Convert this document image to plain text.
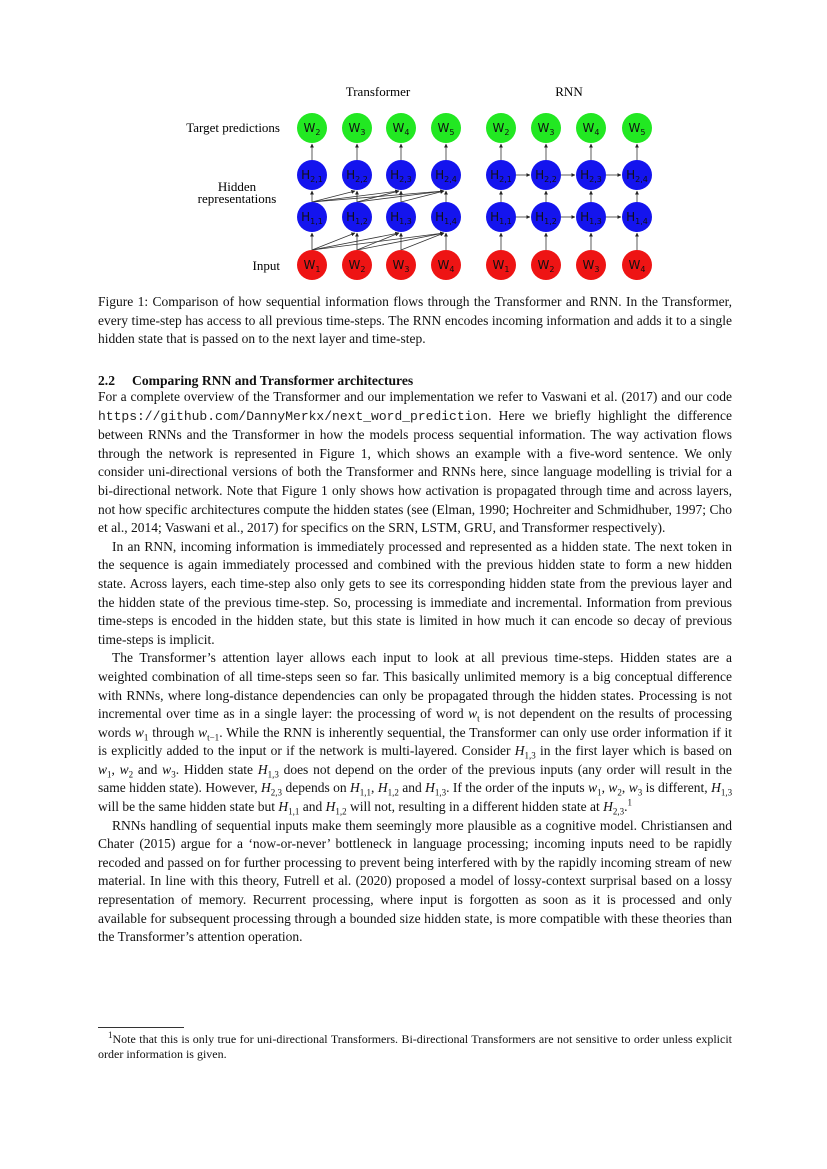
Transformer	RNN
Target predictions
Hidden
representations
Input
$W_2$ $W_3$ $W_4$ $W_5$
$H_{2,1}$ $H_{2,2}$ $H_{2,3}$ $H_{2,4}$
$H_{1,1}$ $H_{1,2}$ $H_{1,3}$ $H_{1,4}$
$W_1$ $W_2$ $W_3$ $W_4$
$W_2$ $W_3$ $W_4$ $W_5$
$H_{2,1}$ $H_{2,2}$ $H_{2,3}$ $H_{2,4}$
$H_{1,1}$ $H_{1,2}$ $H_{1,3}$ $H_{1,4}$
$W_1$ $W_2$ $W_3$ $W_4$
Figure 1: Comparison of how sequential information flows through the Transformer and RNN. In the Transformer, every time-step has access to all previous time-steps. The RNN encodes incoming information and adds it to a single hidden state that is passed on to the next layer and time-step.
2.2 Comparing RNN and Transformer architectures

For a complete overview of the Transformer and our implementation we refer to Vaswani et al. (2017) and our code https://github.com/DannyMerkx/next_word_prediction. Here we briefly highlight the difference between RNNs and the Transformer in how the models process sequential information. The way activation flows through the network is represented in Figure 1, which shows an example with a five-word sentence. We only consider uni-directional versions of both the Transformer and RNNs here, since language modelling is trivial for a bi-directional network. Note that Figure 1 only shows how activation is propagated through time and across layers, not how specific architectures compute the hidden states (see (Elman, 1990; Hochreiter and Schmidhuber, 1997; Cho et al., 2014; Vaswani et al., 2017) for specifics on the SRN, LSTM, GRU, and Transformer respectively).

In an RNN, incoming information is immediately processed and represented as a hidden state. The next token in the sequence is again immediately processed and combined with the previous hidden state to form a new hidden state. Across layers, each time-step also only gets to see its corresponding hidden state from the previous layer and the hidden state of the previous time-step. So, processing is immediate and incremental. Information from previous time-steps is encoded in the hidden state, but this state is limited in how much it can encode so decay of previous time-steps is implicit.

The Transformer’s attention layer allows each input to look at all previous time-steps. Hidden states are a weighted combination of all time-steps seen so far. This basically unlimited memory is a big conceptual difference with RNNs, where long-distance dependencies can only be propagated through the hidden states. Processing is not incremental over time as in a single layer: the processing of word $w_t$ is not dependent on the results of processing words $w_1$ through $w_{t-1}$. While the RNN is inherently sequential, the Transformer can only use order information if it is explicitly added to the input or if the network is multi-layered. Consider $H_{1,3}$ in the first layer which is based on $w_1$, $w_2$ and $w_3$. Hidden state $H_{1,3}$ does not depend on the order of the previous inputs (any order will result in the same hidden state). However, $H_{2,3}$ depends on $H_{1,1}$, $H_{1,2}$ and $H_{1,3}$. If the order of the inputs $w_1$, $w_2$, $w_3$ is different, $H_{1,3}$ will be the same hidden state but $H_{1,1}$ and $H_{1,2}$ will not, resulting in a different hidden state at $H_{2,3}.^1$

RNNs handling of sequential inputs make them seemingly more plausible as a cognitive model. Christiansen and Chater (2015) argue for a ‘now-or-never’ bottleneck in language processing; incoming inputs need to be rapidly recoded and passed on for further processing to prevent being interfered with by the rapidly incoming stream of new material. In line with this theory, Futrell et al. (2020) proposed a model of lossy-context surprisal based on a lossy representation of memory. Recurrent processing, where input is forgotten as soon as it is processed and only available for subsequent processing through a bounded size hidden state, is more compatible with these theories than the Transformer’s attention operation.

$^1$Note that this is only true for uni-directional Transformers. Bi-directional Transformers are not sensitive to order unless explicit order information is given.
